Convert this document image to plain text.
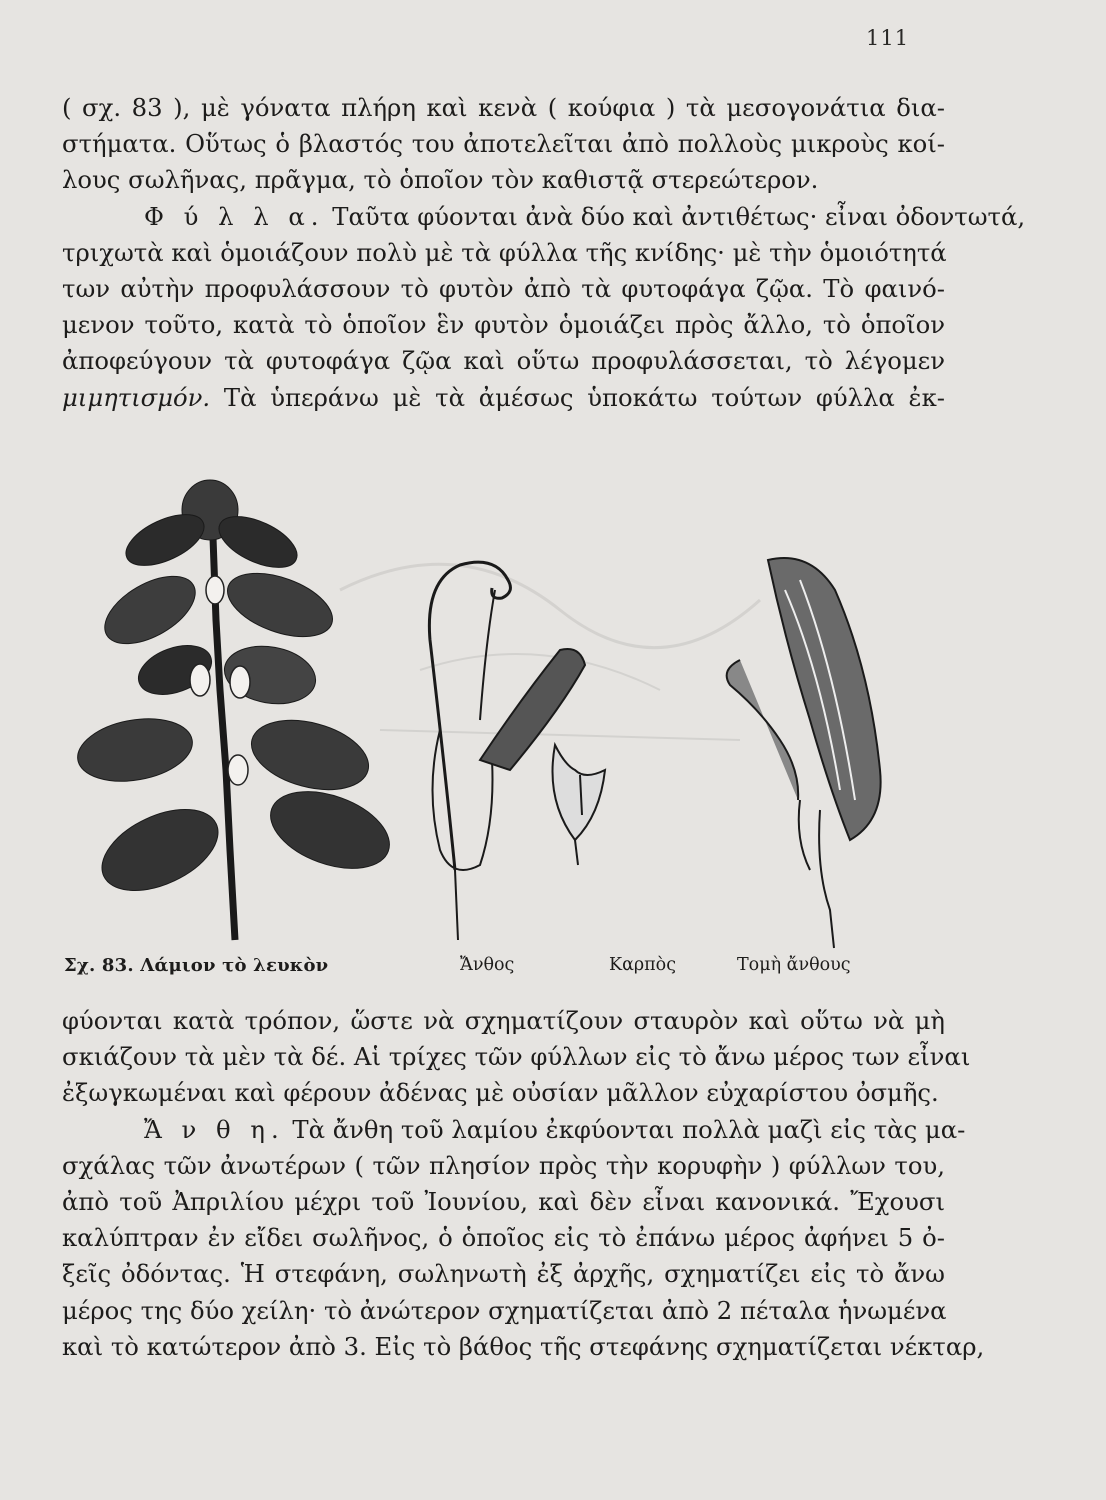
111
( σχ. 83 ), μὲ γόνατα πλήρη καὶ κενὰ ( κούφια ) τὰ μεσογονάτια δια-
στήματα. Οὕτως ὁ βλαστός του ἀποτελεῖται ἀπὸ πολλοὺς μικροὺς κοί-
λους σωλῆνας, πρᾶγμα, τὸ ὁποῖον τὸν καθιστᾷ στερεώτερον.
Φ ύ λ λ α. Ταῦτα φύονται ἀνὰ δύο καὶ ἀντιθέτως· εἶναι ὀδοντωτά,
τριχωτὰ καὶ ὁμοιάζουν πολὺ μὲ τὰ φύλλα τῆς κνίδης· μὲ τὴν ὁμοιότητά
των αὐτὴν προφυλάσσουν τὸ φυτὸν ἀπὸ τὰ φυτοφάγα ζῷα. Τὸ φαινό-
μενον τοῦτο, κατὰ τὸ ὁποῖον ἓν φυτὸν ὁμοιάζει πρὸς ἄλλο, τὸ ὁποῖον
ἀποφεύγουν τὰ φυτοφάγα ζῷα καὶ οὕτω προφυλάσσεται, τὸ λέγομεν
μιμητισμόν. Τὰ ὑπεράνω μὲ τὰ ἀμέσως ὑποκάτω τούτων φύλλα ἐκ-
Σχ. 83. Λάμιον τὸ λευκὸν	Ἄνθος	Καρπὸς	Τομὴ ἄνθους
φύονται κατὰ τρόπον, ὥστε νὰ σχηματίζουν σταυρὸν καὶ οὕτω νὰ μὴ
σκιάζουν τὰ μὲν τὰ δέ. Αἱ τρίχες τῶν φύλλων εἰς τὸ ἄνω μέρος των εἶναι
ἐξωγκωμέναι καὶ φέρουν ἀδένας μὲ οὐσίαν μᾶλλον εὐχαρίστου ὀσμῆς.
Ἄ ν θ η. Τὰ ἄνθη τοῦ λαμίου ἐκφύονται πολλὰ μαζὶ εἰς τὰς μα-
σχάλας τῶν ἀνωτέρων ( τῶν πλησίον πρὸς τὴν κορυφὴν ) φύλλων του,
ἀπὸ τοῦ Ἀπριλίου μέχρι τοῦ Ἰουνίου, καὶ δὲν εἶναι κανονικά. Ἔχουσι
καλύπτραν ἐν εἴδει σωλῆνος, ὁ ὁποῖος εἰς τὸ ἐπάνω μέρος ἀφήνει 5 ὀ-
ξεῖς ὀδόντας. Ἡ στεφάνη, σωληνωτὴ ἐξ ἀρχῆς, σχηματίζει εἰς τὸ ἄνω
μέρος της δύο χείλη· τὸ ἀνώτερον σχηματίζεται ἀπὸ 2 πέταλα ἡνωμένα
καὶ τὸ κατώτερον ἀπὸ 3. Εἰς τὸ βάθος τῆς στεφάνης σχηματίζεται νέκταρ,
